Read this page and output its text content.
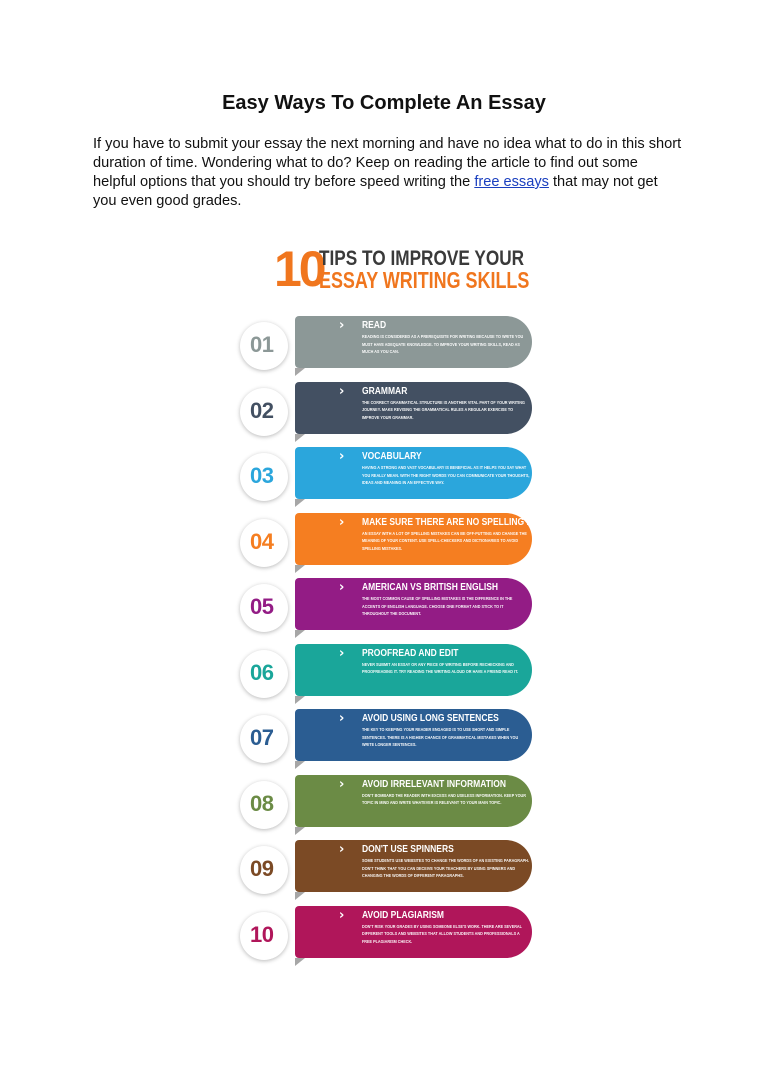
Easy Ways To Complete An Essay
If you have to submit your essay the next morning and have no idea what to do in this short duration of time. Wondering what to do? Keep on reading the article to find out some helpful options that you should try before speed writing the free essays that may not get you even good grades.
10
TIPS TO IMPROVE YOUR
ESSAY WRITING SKILLS
01
› READ
READING IS CONSIDERED AS A PREREQUISITE FOR WRITING BECAUSE TO WRITE YOU MUST HAVE ADEQUATE KNOWLEDGE. TO IMPROVE YOUR WRITING SKILLS, READ AS MUCH AS YOU CAN.
02
› GRAMMAR
THE CORRECT GRAMMATICAL STRUCTURE IS ANOTHER VITAL PART OF YOUR WRITING JOURNEY. MAKE REVISING THE GRAMMATICAL RULES A REGULAR EXERCISE TO IMPROVE YOUR GRAMMAR.
03
› VOCABULARY
HAVING A STRONG AND VAST VOCABULARY IS BENEFICIAL AS IT HELPS YOU SAY WHAT YOU REALLY MEAN. WITH THE RIGHT WORDS YOU CAN COMMUNICATE YOUR THOUGHTS, IDEAS AND MEANING IN AN EFFECTIVE WAY.
04
› MAKE SURE THERE ARE NO SPELLING MISTAKES
AN ESSAY WITH A LOT OF SPELLING MISTAKES CAN BE OFF-PUTTING AND CHANGE THE MEANING OF YOUR CONTENT. USE SPELL-CHECKERS AND DICTIONARIES TO AVOID SPELLING MISTAKES.
05
› AMERICAN VS BRITISH ENGLISH
THE MOST COMMON CAUSE OF SPELLING MISTAKES IS THE DIFFERENCE IN THE ACCENTS OF ENGLISH LANGUAGE. CHOOSE ONE FORMAT AND STICK TO IT THROUGHOUT THE DOCUMENT.
06
› PROOFREAD AND EDIT
NEVER SUBMIT AN ESSAY OR ANY PIECE OF WRITING BEFORE RECHECKING AND PROOFREADING IT. TRY READING THE WRITING ALOUD OR HAVE A FRIEND READ IT.
07
› AVOID USING LONG SENTENCES
THE KEY TO KEEPING YOUR READER ENGAGED IS TO USE SHORT AND SIMPLE SENTENCES. THERE IS A HIGHER CHANCE OF GRAMMATICAL MISTAKES WHEN YOU WRITE LONGER SENTENCES.
08
› AVOID IRRELEVANT INFORMATION
DON'T BOMBARD THE READER WITH EXCESS AND USELESS INFORMATION. KEEP YOUR TOPIC IN MIND AND WRITE WHATEVER IS RELEVANT TO YOUR MAIN TOPIC.
09
› DON'T USE SPINNERS
SOME STUDENTS USE WEBSITES TO CHANGE THE WORDS OF AN EXISTING PARAGRAPH. DON'T THINK THAT YOU CAN DECEIVE YOUR TEACHERS BY USING SPINNERS AND CHANGING THE WORDS OF DIFFERENT PARAGRAPHS.
10
› AVOID PLAGIARISM
DON'T RISK YOUR GRADES BY USING SOMEONE ELSE'S WORK. THERE ARE SEVERAL DIFFERENT TOOLS AND WEBSITES THAT ALLOW STUDENTS AND PROFESSIONALS A FREE PLAGIARISM CHECK.
